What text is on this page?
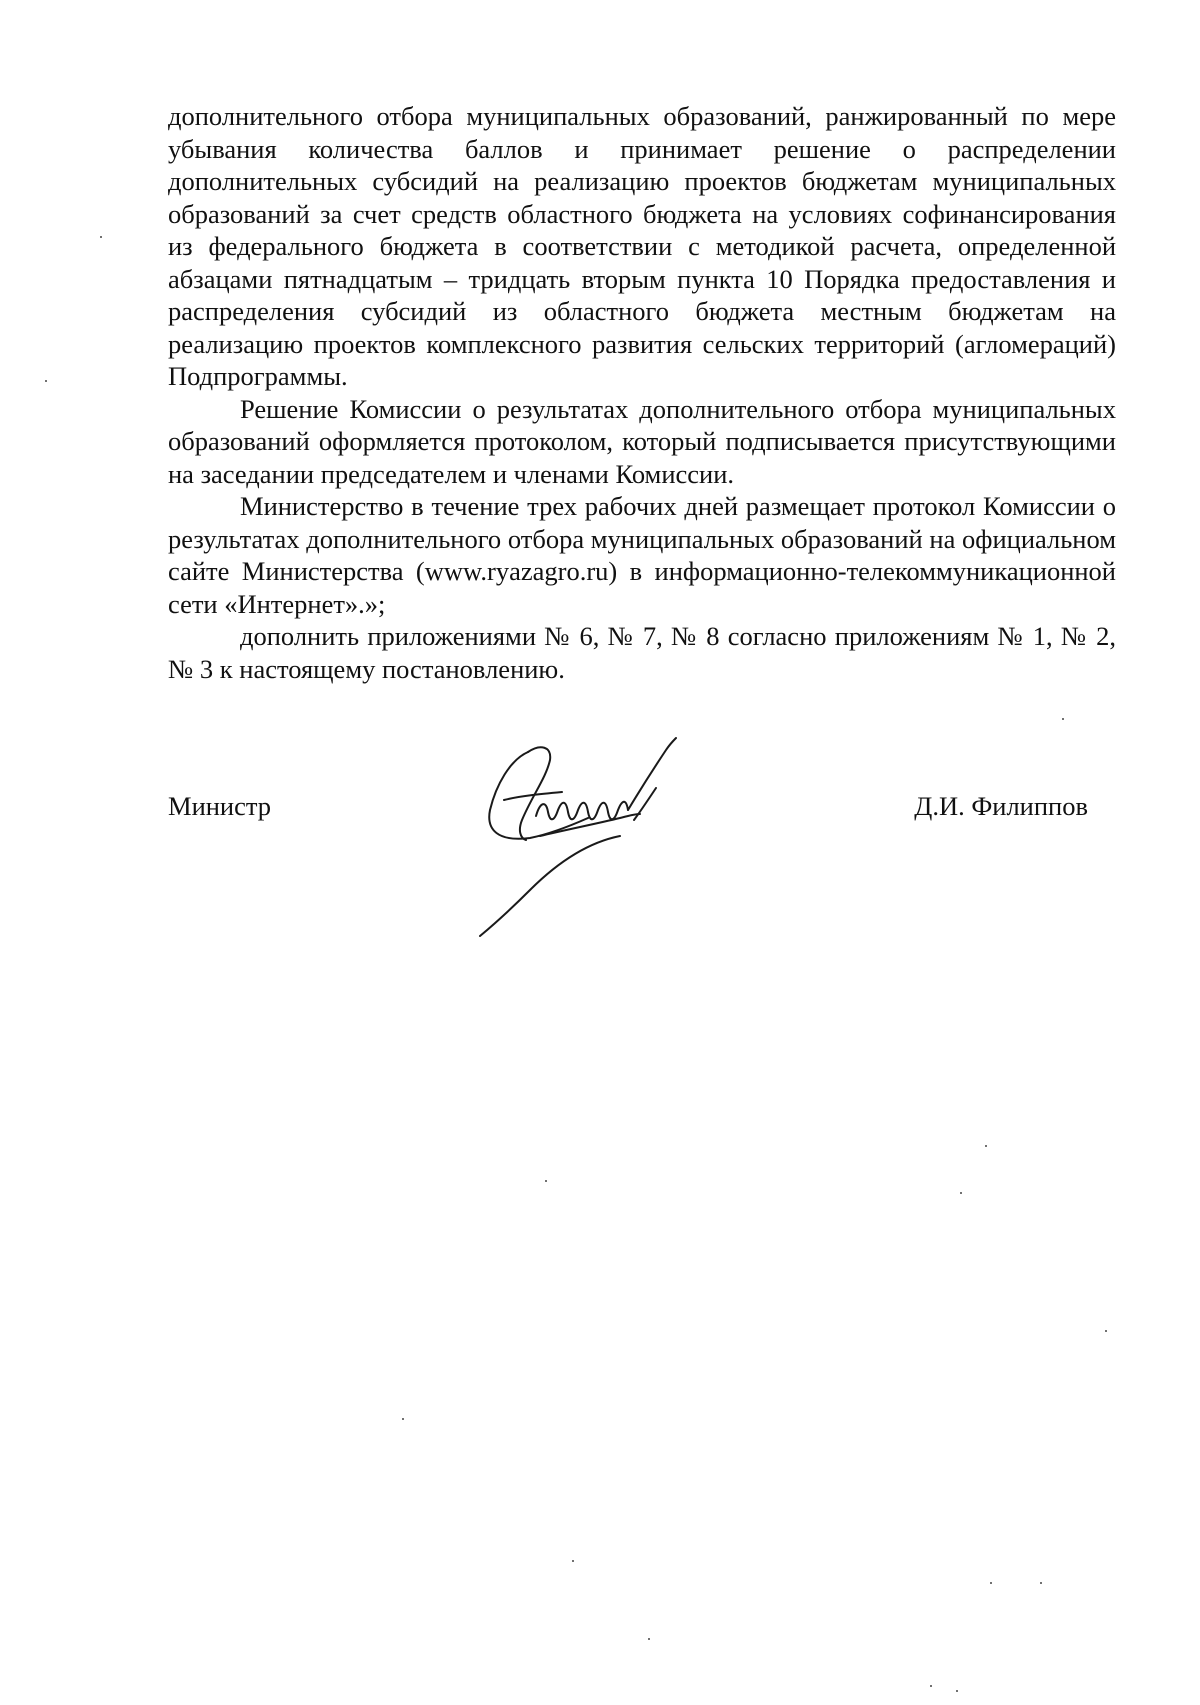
дополнительного отбора муниципальных образований, ранжированный по мере убывания количества баллов и принимает решение о распределении дополнительных субсидий на реализацию проектов бюджетам муниципальных образований за счет средств областного бюджета на условиях софинансирования из федерального бюджета в соответствии с методикой расчета, определенной абзацами пятнадцатым – тридцать вторым пункта 10 Порядка предоставления и распределения субсидий из областного бюджета местным бюджетам на реализацию проектов комплексного развития сельских территорий (агломераций) Подпрограммы.

Решение Комиссии о результатах дополнительного отбора муниципальных образований оформляется протоколом, который подписывается присутствующими на заседании председателем и членами Комиссии.

Министерство в течение трех рабочих дней размещает протокол Комиссии о результатах дополнительного отбора муниципальных образований на официальном сайте Министерства (www.ryazagro.ru) в информационно-телекоммуникационной сети «Интернет».»;

дополнить приложениями № 6, № 7, № 8 согласно приложениям № 1, № 2, № 3 к настоящему постановлению.

Министр	Д.И. Филиппов
